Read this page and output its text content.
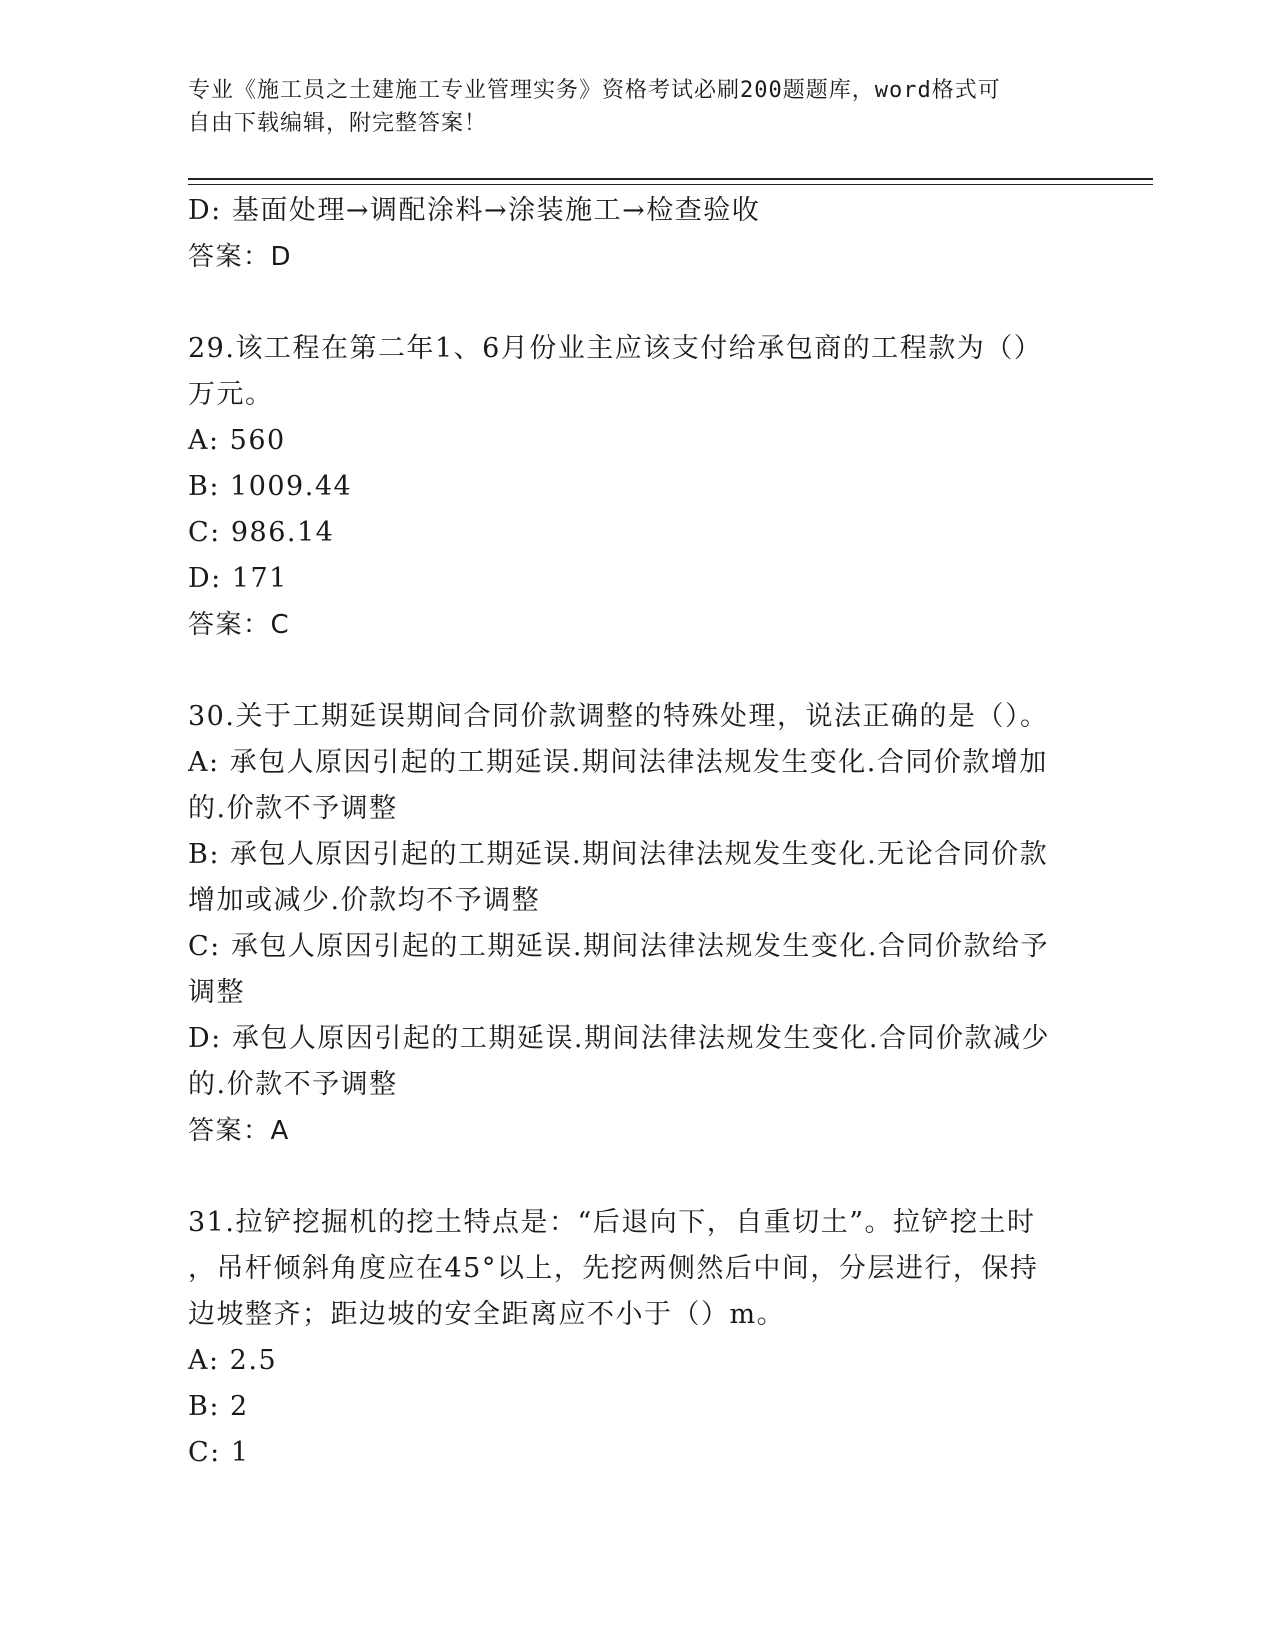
专业《施工员之土建施工专业管理实务》资格考试必刷200题题库，word格式可
自由下载编辑，附完整答案！

D: 基面处理→调配涂料→涂装施工→检查验收

答案：D

29.该工程在第二年1、6月份业主应该支付给承包商的工程款为（）

万元。

A: 560

B: 1009.44

C: 986.14

D: 171

答案：C

30.关于工期延误期间合同价款调整的特殊处理，说法正确的是（）。

A: 承包人原因引起的工期延误.期间法律法规发生变化.合同价款增加

的.价款不予调整

B: 承包人原因引起的工期延误.期间法律法规发生变化.无论合同价款

增加或减少.价款均不予调整

C: 承包人原因引起的工期延误.期间法律法规发生变化.合同价款给予

调整

D: 承包人原因引起的工期延误.期间法律法规发生变化.合同价款减少

的.价款不予调整

答案：A

31.拉铲挖掘机的挖土特点是：“后退向下，自重切土”。拉铲挖土时

，吊杆倾斜角度应在45°以上，先挖两侧然后中间，分层进行，保持

边坡整齐；距边坡的安全距离应不小于（）m。

A: 2.5

B: 2

C: 1
